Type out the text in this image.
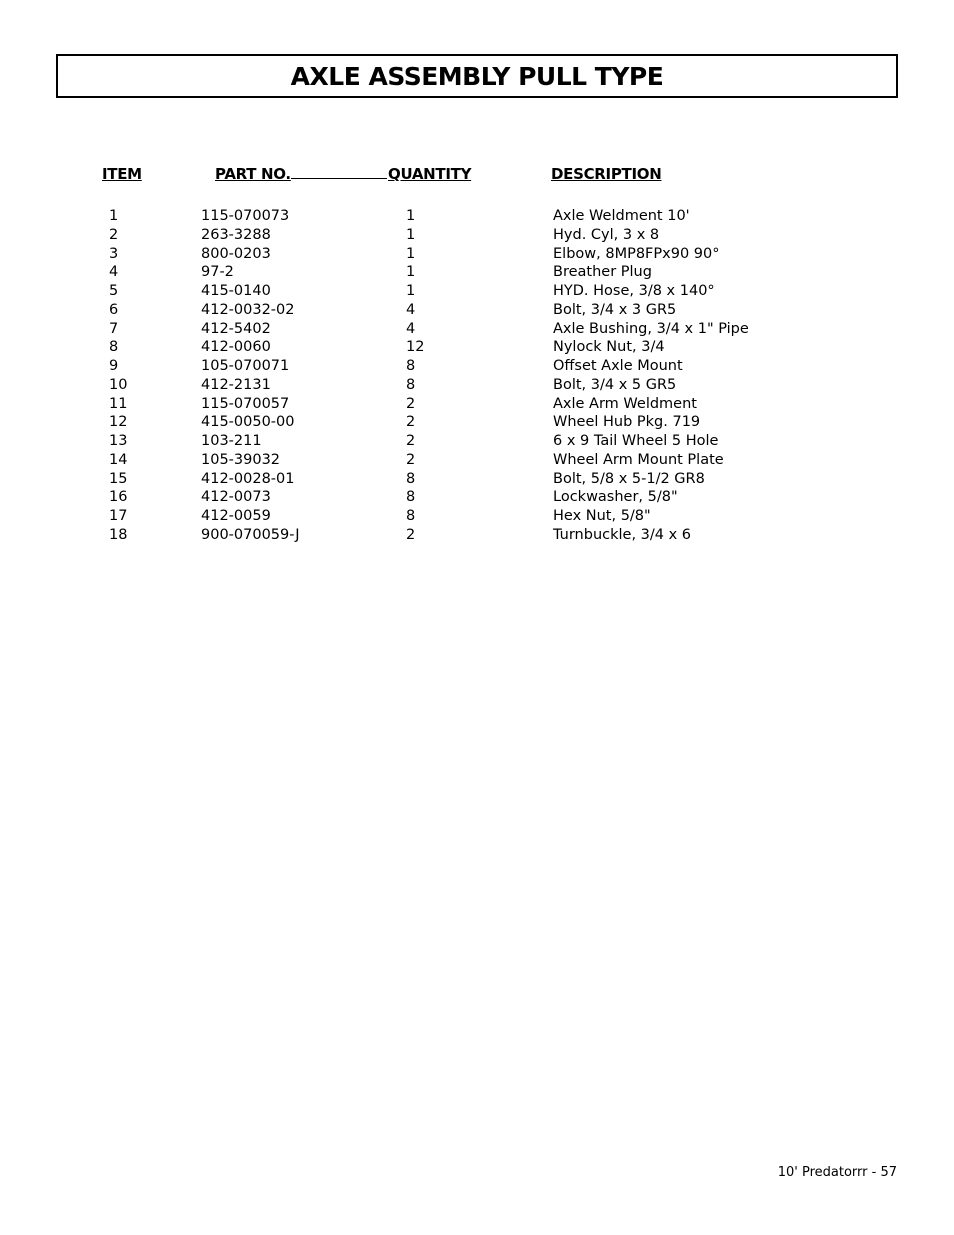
AXLE ASSEMBLY PULL TYPE
ITEM	PART NO.	QUANTITY	DESCRIPTION
1	115-070073	1	Axle Weldment 10'
2	263-3288	1	Hyd. Cyl, 3 x 8
3	800-0203	1	Elbow, 8MP8FPx90 90°
4	97-2	1	Breather Plug
5	415-0140	1	HYD. Hose, 3/8 x 140°
6	412-0032-02	4	Bolt, 3/4 x 3 GR5
7	412-5402	4	Axle Bushing, 3/4 x 1" Pipe
8	412-0060	12	Nylock Nut, 3/4
9	105-070071	8	Offset Axle Mount
10	412-2131	8	Bolt, 3/4 x 5 GR5
11	115-070057	2	Axle Arm Weldment
12	415-0050-00	2	Wheel Hub Pkg. 719
13	103-211	2	6 x 9 Tail Wheel 5 Hole
14	105-39032	2	Wheel Arm Mount Plate
15	412-0028-01	8	Bolt, 5/8 x 5-1/2 GR8
16	412-0073	8	Lockwasher, 5/8"
17	412-0059	8	Hex Nut, 5/8"
18	900-070059-J	2	Turnbuckle, 3/4 x 6
10' Predatorrr - 57
